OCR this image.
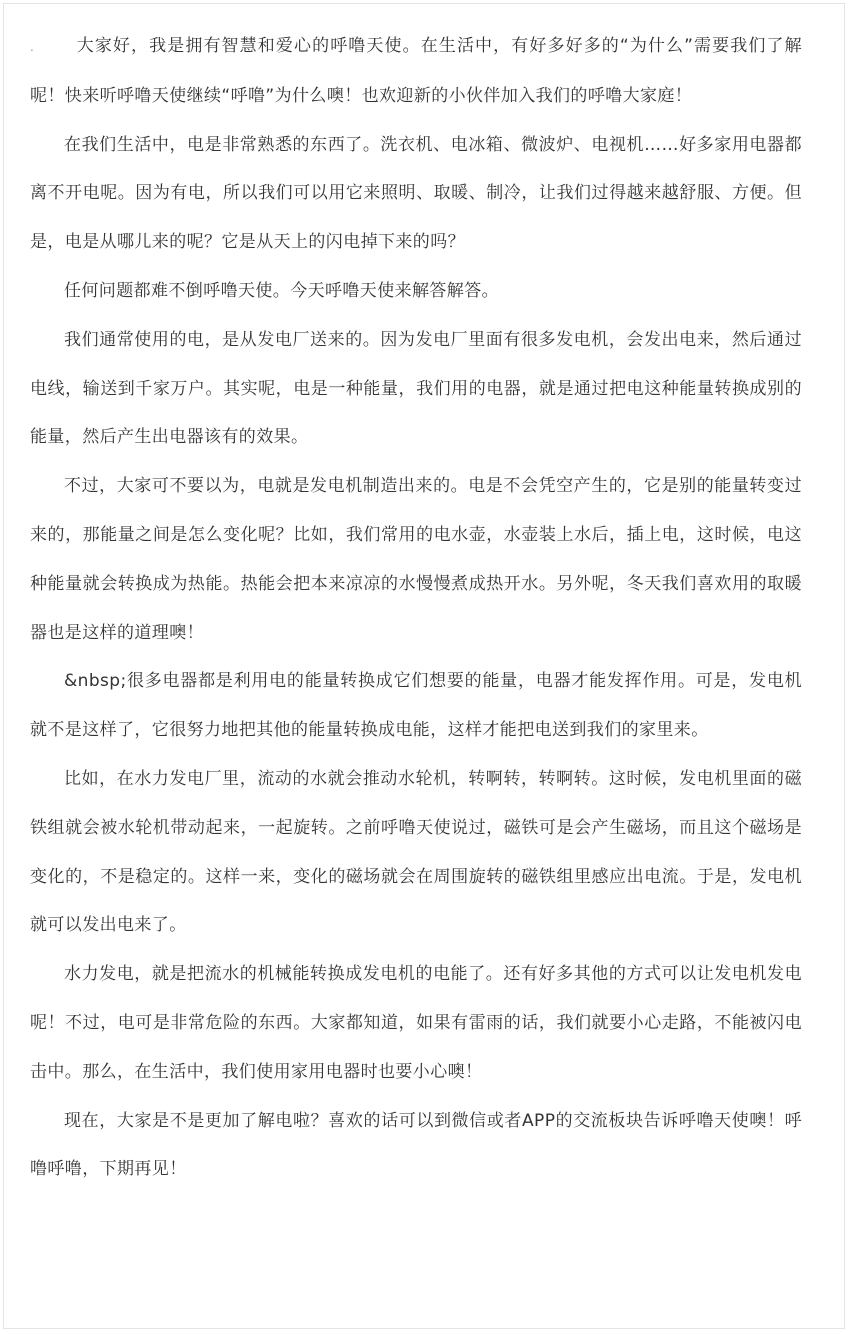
. 大家好，我是拥有智慧和爱心的呼噜天使。在生活中，有好多好多的“为什么”需要我们了解呢！快来听呼噜天使继续“呼噜”为什么噢！也欢迎新的小伙伴加入我们的呼噜大家庭！

在我们生活中，电是非常熟悉的东西了。洗衣机、电冰箱、微波炉、电视机……好多家用电器都离不开电呢。因为有电，所以我们可以用它来照明、取暖、制冷，让我们过得越来越舒服、方便。但是，电是从哪儿来的呢？它是从天上的闪电掉下来的吗？

任何问题都难不倒呼噜天使。今天呼噜天使来解答解答。

我们通常使用的电，是从发电厂送来的。因为发电厂里面有很多发电机，会发出电来，然后通过电线，输送到千家万户。其实呢，电是一种能量，我们用的电器，就是通过把电这种能量转换成别的能量，然后产生出电器该有的效果。

不过，大家可不要以为，电就是发电机制造出来的。电是不会凭空产生的，它是别的能量转变过来的，那能量之间是怎么变化呢？比如，我们常用的电水壶，水壶装上水后，插上电，这时候，电这种能量就会转换成为热能。热能会把本来凉凉的水慢慢煮成热开水。另外呢，冬天我们喜欢用的取暖器也是这样的道理噢！

&nbsp;很多电器都是利用电的能量转换成它们想要的能量，电器才能发挥作用。可是，发电机就不是这样了，它很努力地把其他的能量转换成电能，这样才能把电送到我们的家里来。

比如，在水力发电厂里，流动的水就会推动水轮机，转啊转，转啊转。这时候，发电机里面的磁铁组就会被水轮机带动起来，一起旋转。之前呼噜天使说过，磁铁可是会产生磁场，而且这个磁场是变化的，不是稳定的。这样一来，变化的磁场就会在周围旋转的磁铁组里感应出电流。于是，发电机就可以发出电来了。

水力发电，就是把流水的机械能转换成发电机的电能了。还有好多其他的方式可以让发电机发电呢！不过，电可是非常危险的东西。大家都知道，如果有雷雨的话，我们就要小心走路，不能被闪电击中。那么，在生活中，我们使用家用电器时也要小心噢！

现在，大家是不是更加了解电啦？喜欢的话可以到微信或者APP的交流板块告诉呼噜天使噢！呼噜呼噜，下期再见！
